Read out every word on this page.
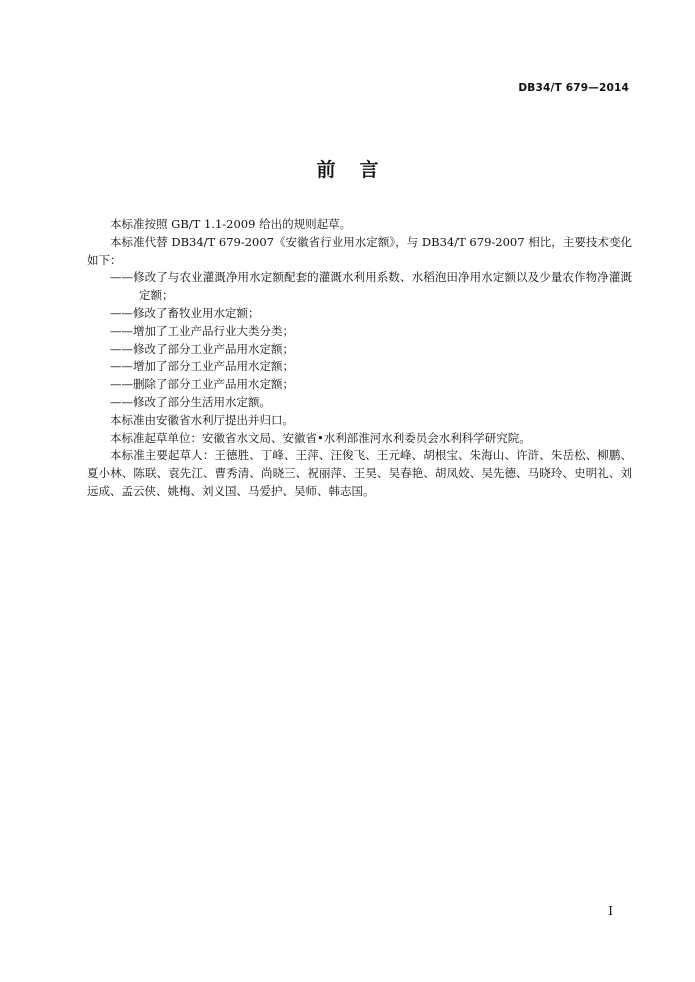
DB34/T 679—2014
前 言

本标准按照 GB/T 1.1-2009 给出的规则起草。

本标准代替 DB34/T 679-2007《安徽省行业用水定额》，与 DB34/T 679-2007 相比，主要技术变化如下：

——修改了与农业灌溉净用水定额配套的灌溉水利用系数、水稻泡田净用水定额以及少量农作物净灌溉定额；

——修改了畜牧业用水定额；

——增加了工业产品行业大类分类；

——修改了部分工业产品用水定额；

——增加了部分工业产品用水定额；

——删除了部分工业产品用水定额；

——修改了部分生活用水定额。

本标准由安徽省水利厅提出并归口。

本标准起草单位：安徽省水文局、安徽省•水利部淮河水利委员会水利科学研究院。

本标准主要起草人：王德胜、丁峰、王萍、汪俊飞、王元峰、胡根宝、朱海山、许浒、朱岳松、柳鹏、夏小林、陈联、袁先江、曹秀清、尚晓三、祝丽萍、王昊、吴春艳、胡凤姣、吴先德、马晓玲、史明礼、刘远成、孟云侠、姚梅、刘义国、马爱护、吴师、韩志国。

I
